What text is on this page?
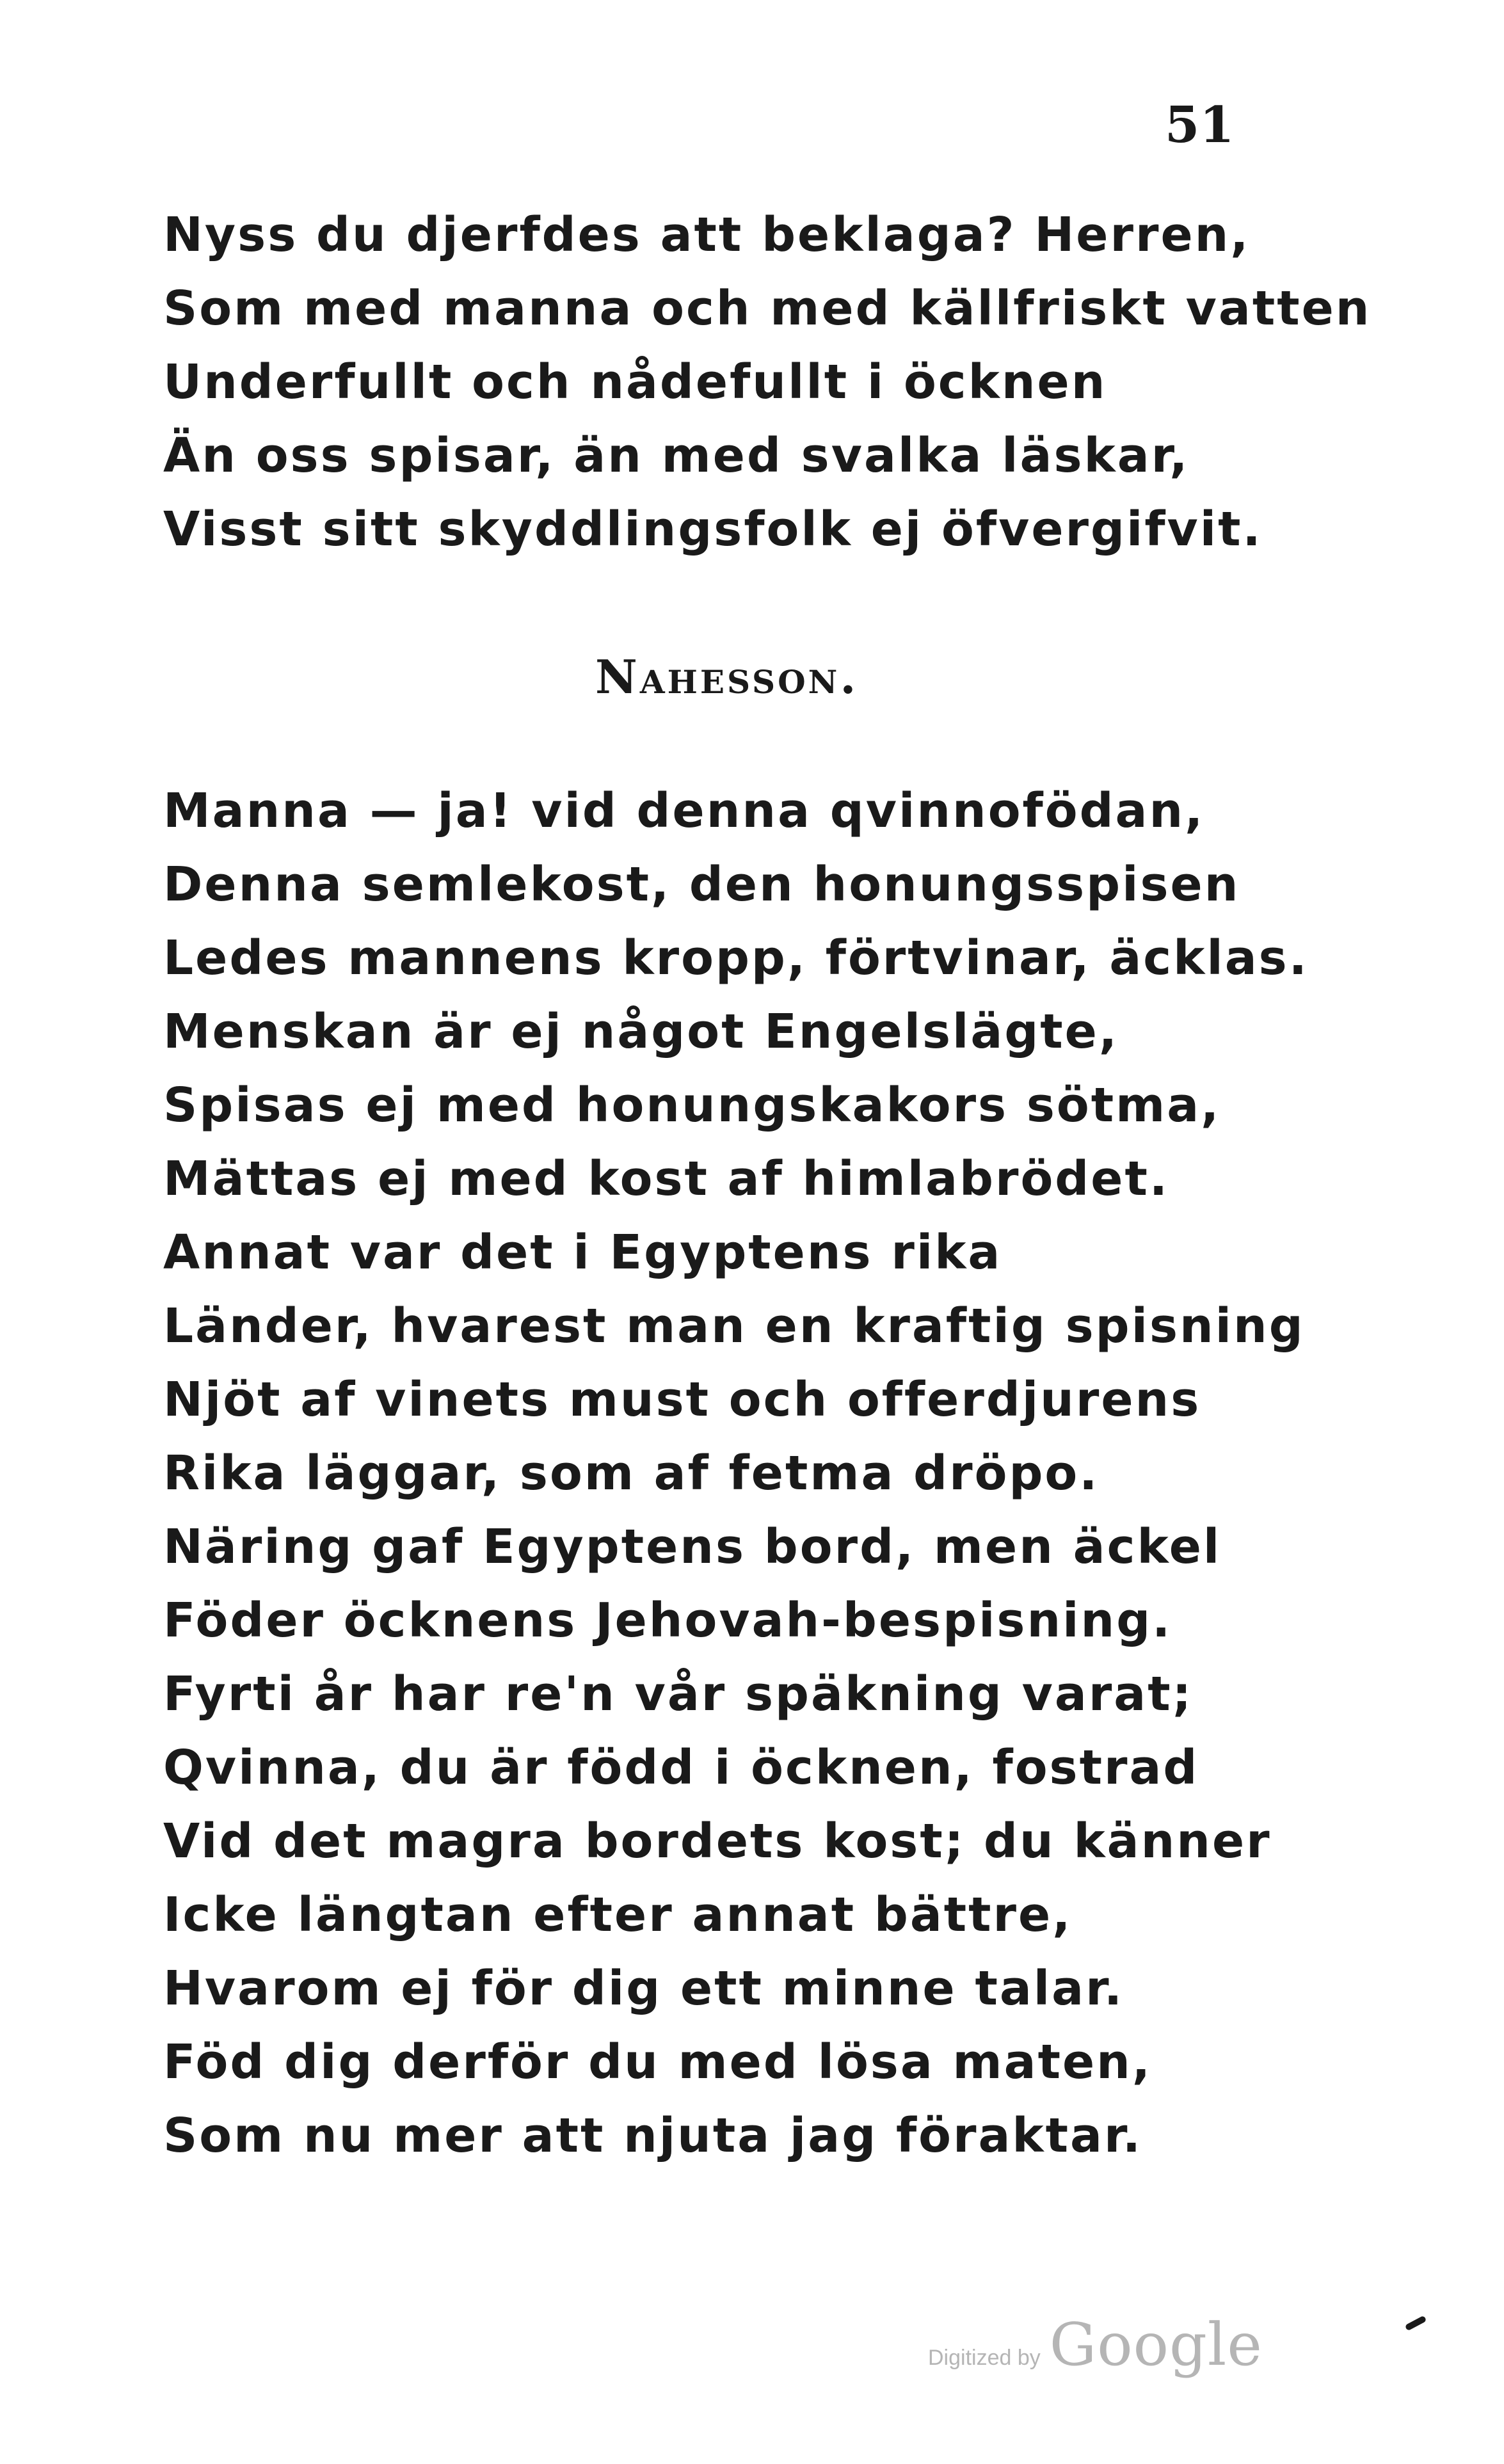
51
Nyss du djerfdes att beklaga? Herren,
Som med manna och med källfriskt vatten
Underfullt och nådefullt i öcknen
Än oss spisar, än med svalka läskar,
Visst sitt skyddlingsfolk ej öfvergifvit.
Nahesson.
Manna — ja! vid denna qvinnofödan,
Denna semlekost, den honungsspisen
Ledes mannens kropp, förtvinar, äcklas.
Menskan är ej något Engelslägte,
Spisas ej med honungskakors sötma,
Mättas ej med kost af himlabrödet.
Annat var det i Egyptens rika
Länder, hvarest man en kraftig spisning
Njöt af vinets must och offerdjurens
Rika läggar, som af fetma dröpo.
Näring gaf Egyptens bord, men äckel
Föder öcknens Jehovah-bespisning.
Fyrti år har re'n vår späkning varat;
Qvinna, du är född i öcknen, fostrad
Vid det magra bordets kost; du känner
Icke längtan efter annat bättre,
Hvarom ej för dig ett minne talar.
Föd dig derför du med lösa maten,
Som nu mer att njuta jag föraktar.
Digitized by Google
